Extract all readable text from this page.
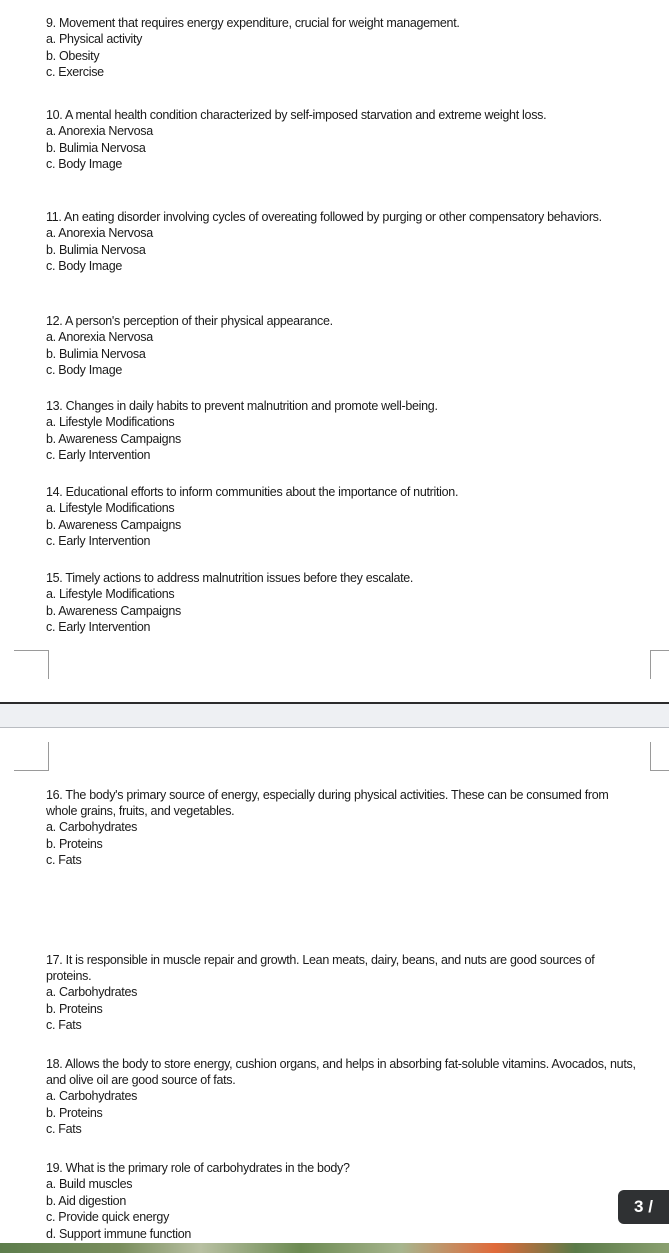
9. Movement that requires energy expenditure, crucial for weight management.

a. Physical activity

b. Obesity

c. Exercise

10. A mental health condition characterized by self-imposed starvation and extreme weight loss.

a. Anorexia Nervosa

b. Bulimia Nervosa

c. Body Image

11. An eating disorder involving cycles of overeating followed by purging or other compensatory behaviors.

a. Anorexia Nervosa

b. Bulimia Nervosa

c. Body Image

12. A person's perception of their physical appearance.

a. Anorexia Nervosa

b. Bulimia Nervosa

c. Body Image

13. Changes in daily habits to prevent malnutrition and promote well-being.

a. Lifestyle Modifications

b. Awareness Campaigns

c. Early Intervention

14. Educational efforts to inform communities about the importance of nutrition.

a. Lifestyle Modifications

b. Awareness Campaigns

c. Early Intervention

15. Timely actions to address malnutrition issues before they escalate.

a. Lifestyle Modifications

b. Awareness Campaigns

c. Early Intervention

16. The body's primary source of energy, especially during physical activities. These can be consumed from whole grains, fruits, and vegetables.

a. Carbohydrates

b. Proteins

c. Fats

17. It is responsible in muscle repair and growth. Lean meats, dairy, beans, and nuts are good sources of proteins.

a. Carbohydrates

b. Proteins

c. Fats

18. Allows the body to store energy, cushion organs, and helps in absorbing fat-soluble vitamins. Avocados, nuts, and olive oil are good source of fats.

a. Carbohydrates

b. Proteins

c. Fats

19. What is the primary role of carbohydrates in the body?

a. Build muscles

b. Aid digestion

c. Provide quick energy

d. Support immune function

3 /
